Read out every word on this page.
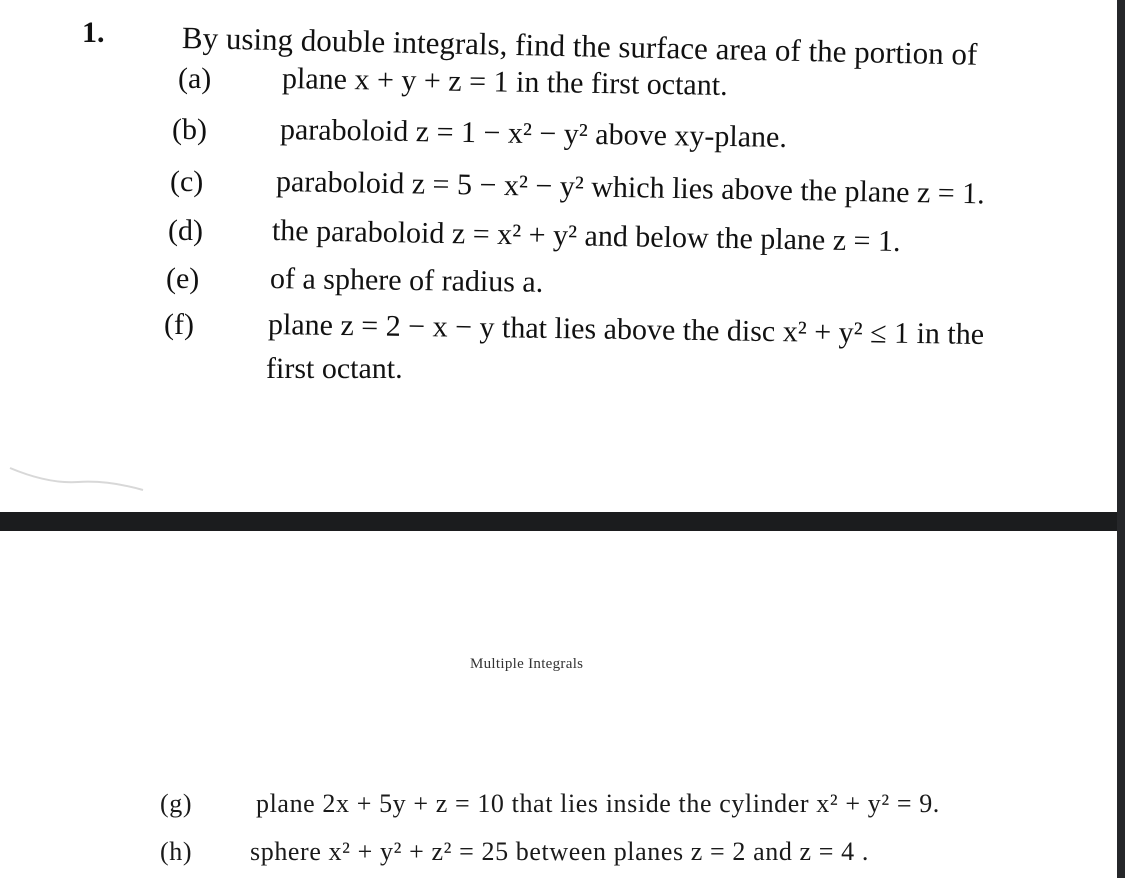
1. By using double integrals, find the surface area of the portion of
(a) plane x + y + z = 1 in the first octant.
(b) paraboloid z = 1 − x² − y² above xy-plane.
(c) paraboloid z = 5 − x² − y² which lies above the plane z = 1.
(d) the paraboloid z = x² + y² and below the plane z = 1.
(e) of a sphere of radius a.
(f) plane z = 2 − x − y that lies above the disc x² + y² ≤ 1 in the
first octant.
Multiple Integrals
(g) plane 2x + 5y + z = 10 that lies inside the cylinder x² + y² = 9.
(h) sphere x² + y² + z² = 25 between planes z = 2 and z = 4 .
